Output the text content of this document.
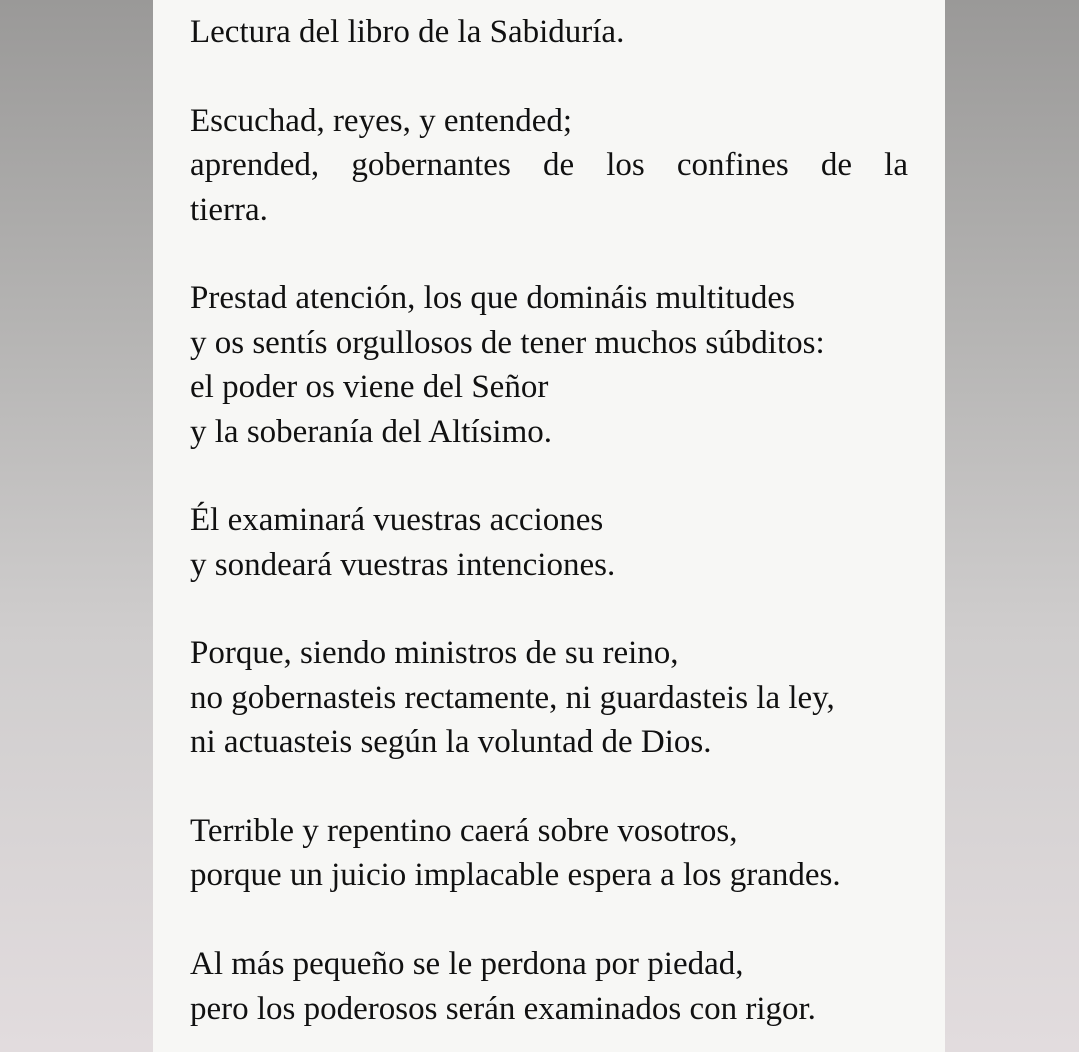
Lectura del libro de la Sabiduría.
Escuchad, reyes, y entended;
aprended, gobernantes de los confines de la
tierra.
Prestad atención, los que domináis multitudes
y os sentís orgullosos de tener muchos súbditos:
el poder os viene del Señor
y la soberanía del Altísimo.
Él examinará vuestras acciones
y sondeará vuestras intenciones.
Porque, siendo ministros de su reino,
no gobernasteis rectamente, ni guardasteis la ley,
ni actuasteis según la voluntad de Dios.
Terrible y repentino caerá sobre vosotros,
porque un juicio implacable espera a los grandes.
Al más pequeño se le perdona por piedad,
pero los poderosos serán examinados con rigor.
